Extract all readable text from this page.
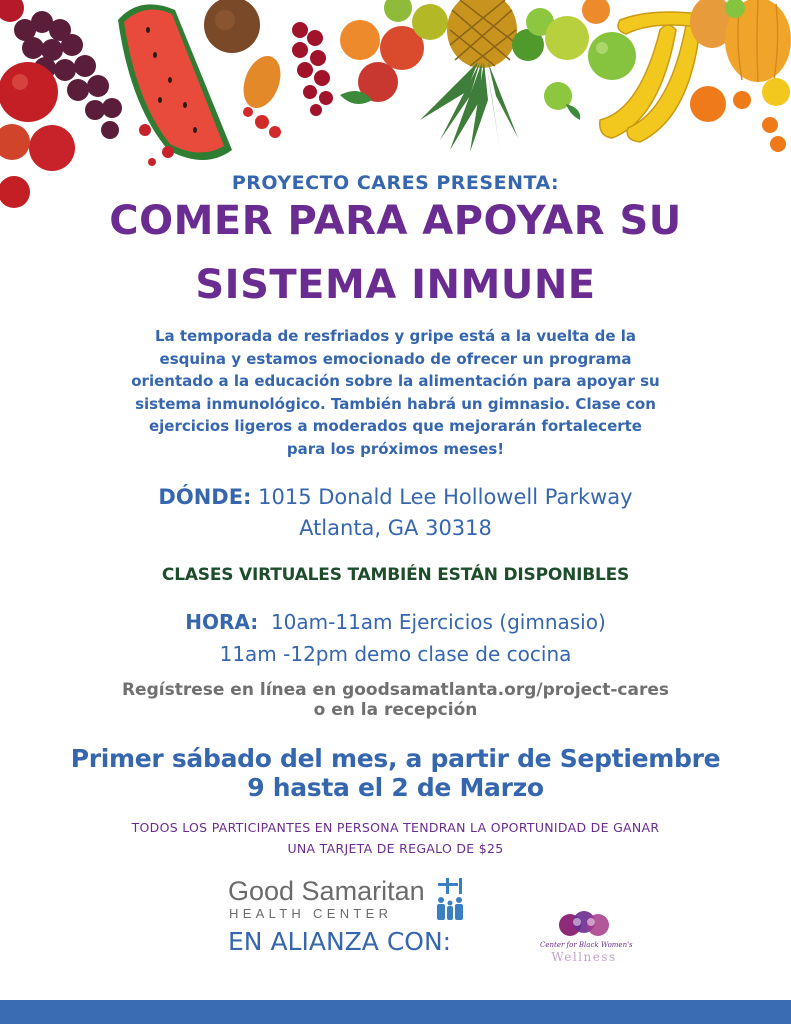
PROYECTO CARES PRESENTA:
COMER PARA APOYAR SU
SISTEMA INMUNE
La temporada de resfriados y gripe está a la vuelta de la
esquina y estamos emocionado de ofrecer un programa
orientado a la educación sobre la alimentación para apoyar su
sistema inmunológico. También habrá un gimnasio. Clase con
ejercicios ligeros a moderados que mejorarán fortalecerte
para los próximos meses!
DÓNDE: 1015 Donald Lee Hollowell Parkway
Atlanta, GA 30318
CLASES VIRTUALES TAMBIÉN ESTÁN DISPONIBLES
HORA: 10am-11am Ejercicios (gimnasio)
11am -12pm demo clase de cocina
Regístrese en línea en goodsamatlanta.org/project-cares
o en la recepción
Primer sábado del mes, a partir de Septiembre
9 hasta el 2 de Marzo
TODOS LOS PARTICIPANTES EN PERSONA TENDRAN LA OPORTUNIDAD DE GANAR
UNA TARJETA DE REGALO DE $25
Good Samaritan
HEALTH CENTER
EN ALIANZA CON:	Center for Black Women's
Wellness
